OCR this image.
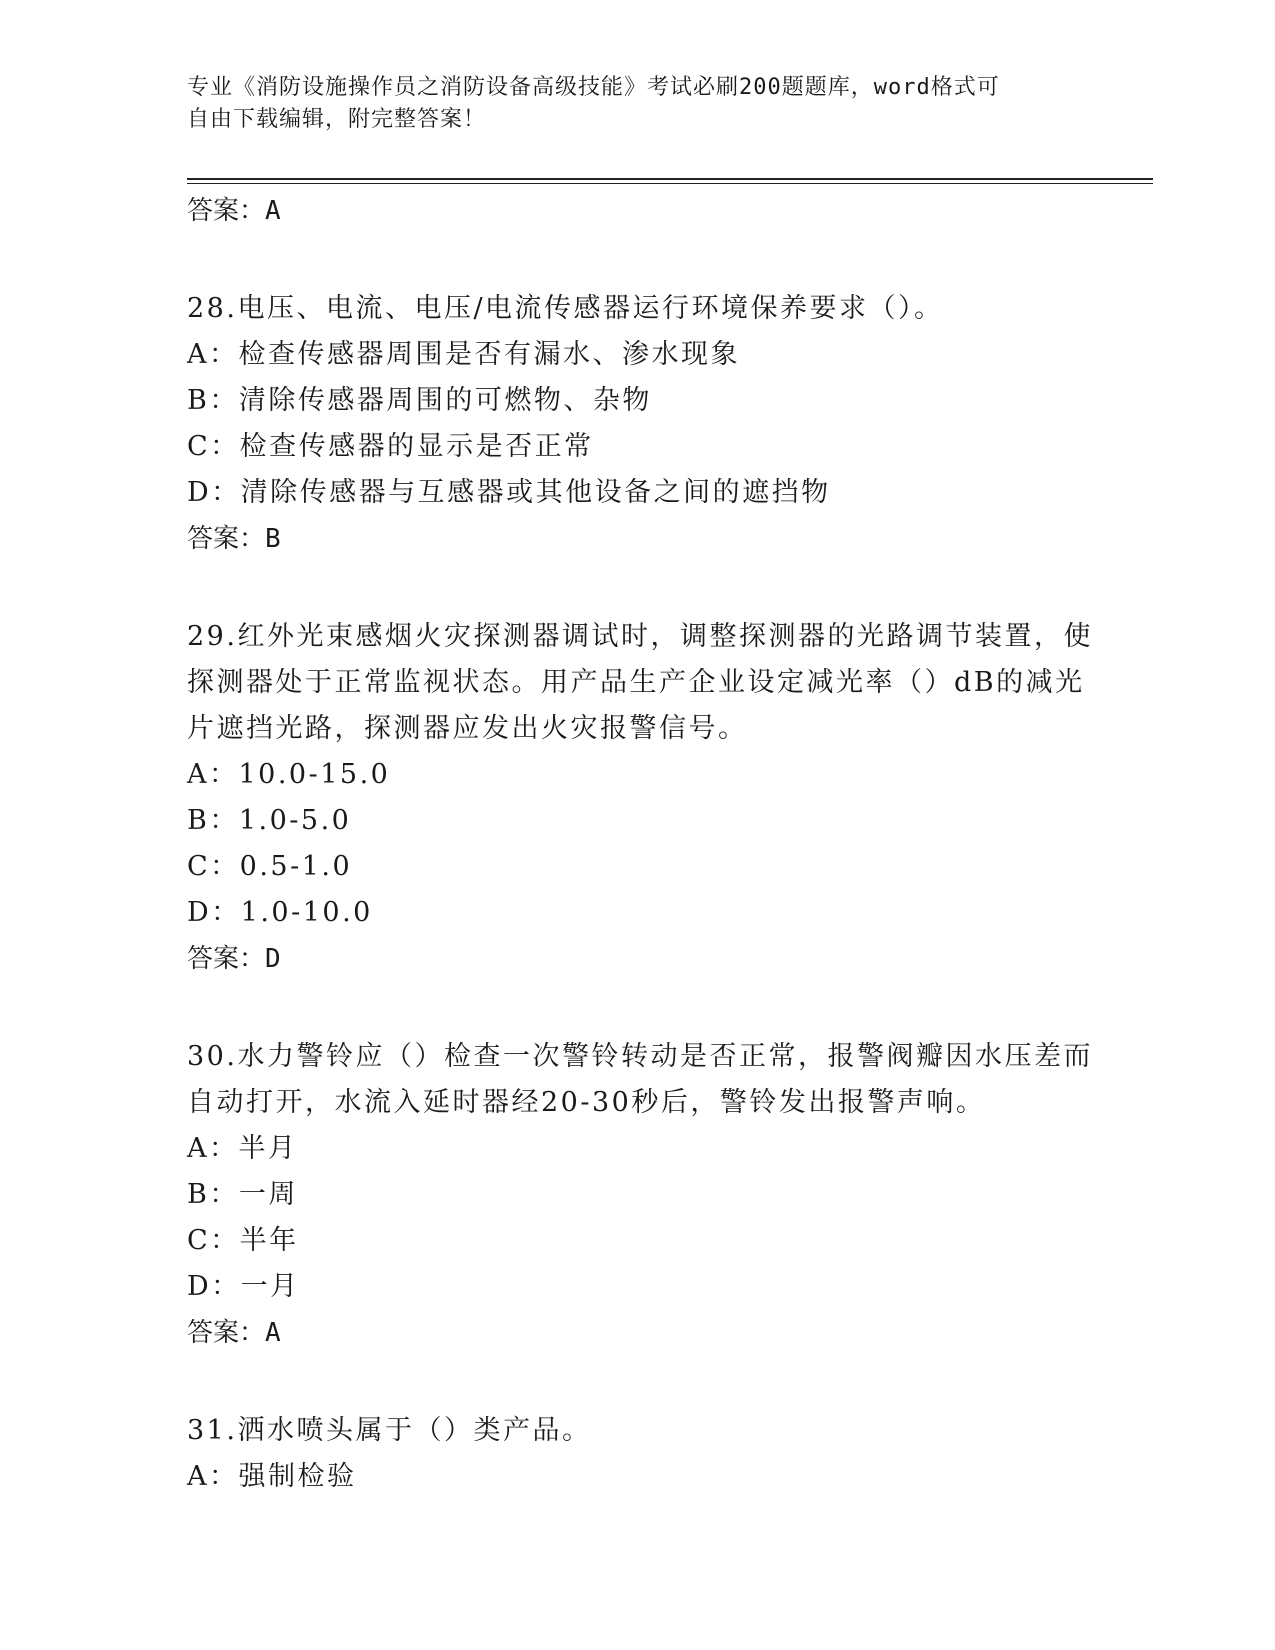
专业《消防设施操作员之消防设备高级技能》考试必刷200题题库，word格式可
自由下载编辑，附完整答案！
答案：A
28.电压、电流、电压/电流传感器运行环境保养要求（）。
A：检查传感器周围是否有漏水、渗水现象
B：清除传感器周围的可燃物、杂物
C：检查传感器的显示是否正常
D：清除传感器与互感器或其他设备之间的遮挡物
答案：B
29.红外光束感烟火灾探测器调试时，调整探测器的光路调节装置，使
探测器处于正常监视状态。用产品生产企业设定减光率（）dB的减光
片遮挡光路，探测器应发出火灾报警信号。
A：10.0-15.0
B：1.0-5.0
C：0.5-1.0
D：1.0-10.0
答案：D
30.水力警铃应（）检查一次警铃转动是否正常，报警阀瓣因水压差而
自动打开，水流入延时器经20-30秒后，警铃发出报警声响。
A：半月
B：一周
C：半年
D：一月
答案：A
31.洒水喷头属于（）类产品。
A：强制检验
